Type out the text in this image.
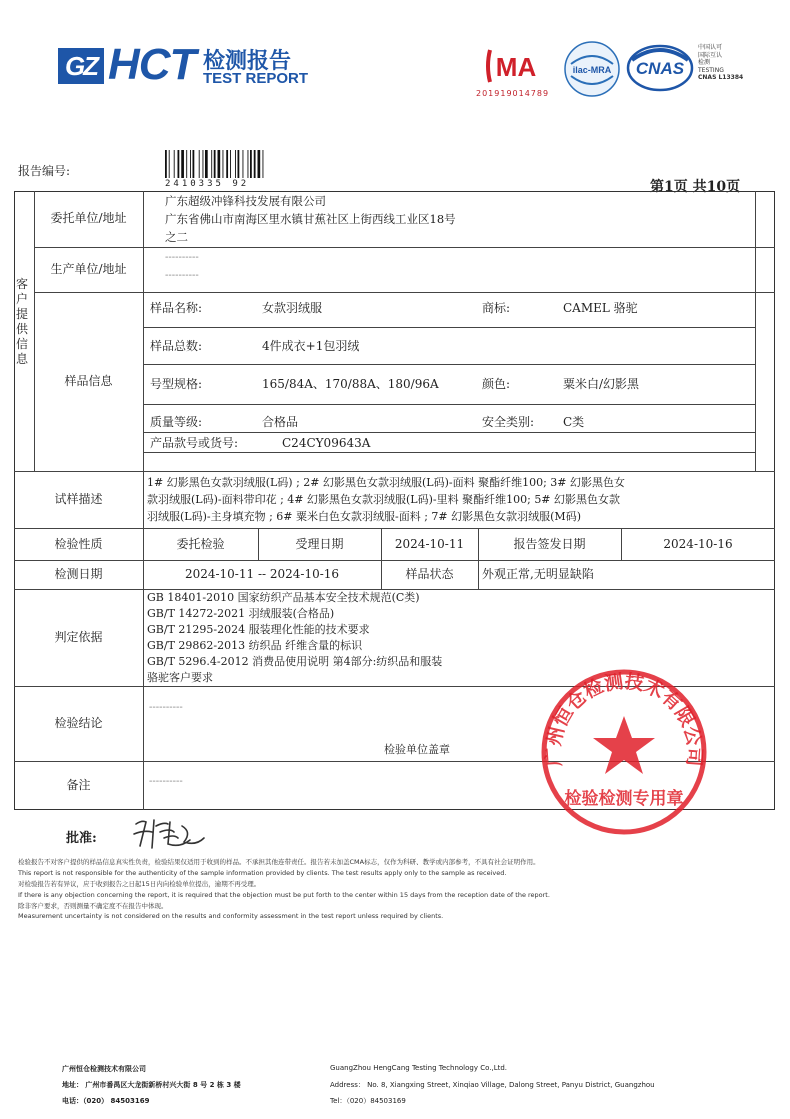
GZ HCT 检测报告
TEST REPORT	MA
201919014789
ilac-MRA CNAS
中国认可
国际互认
检测
TESTING
CNAS L13384
报告编号:
2410335 92	第1页 共10页
客
户
提
供
信
息
委托单位/地址
广东超级冲锋科技发展有限公司
广东省佛山市南海区里水镇甘蕉社区上街西线工业区18号
之二
生产单位/地址
----------
----------
样品信息
样品名称:	女款羽绒服	商标:	CAMEL 骆驼
样品总数:	4件成衣+1包羽绒
号型规格:	165/84A、170/88A、180/96A	颜色:	粟米白/幻影黑
质量等级:	合格品	安全类别: C类
产品款号或货号:	C24CY09643A
试样描述
1# 幻影黑色女款羽绒服(L码) ; 2# 幻影黑色女款羽绒服(L码)-面料 聚酯纤维100; 3# 幻影黑色女
款羽绒服(L码)-面料带印花 ; 4# 幻影黑色女款羽绒服(L码)-里料 聚酯纤维100; 5# 幻影黑色女款
羽绒服(L码)-主身填充物 ; 6# 粟米白色女款羽绒服-面料 ; 7# 幻影黑色女款羽绒服(M码)
检验性质	委托检验	受理日期	2024-10-11	报告签发日期	2024-10-16
检测日期	2024-10-11 -- 2024-10-16	样品状态	外观正常,无明显缺陷
判定依据
GB 18401-2010 国家纺织产品基本安全技术规范(C类)
GB/T 14272-2021 羽绒服装(合格品)
GB/T 21295-2024 服装理化性能的技术要求
GB/T 29862-2013 纺织品 纤维含量的标识
GB/T 5296.4-2012 消费品使用说明 第4部分:纺织品和服装
骆驼客户要求
检验结论
----------
检验单位盖章
备注	----------
广州恒仓检测技术有限公司
检验检测专用章
批准:
检验报告不对客户提供的样品信息真实性负责，检验结果仅适用于收到的样品。不承担其他连带责任。报告若未加盖CMA标志，仅作为科研、教学或内部参考，不具有社会证明作用。
This report is not responsible for the authenticity of the sample information provided by clients. The test results apply only to the sample as received.
对检验报告若有异议，应于收到报告之日起15日内向检验单位提出，逾期不再受理。
If there is any objection concerning the report, it is required that the objection must be put forth to the center within 15 days from the reception date of the report.
除非客户要求，否则测量不确定度不在报告中体现。
Measurement uncertainty is not considered on the results and conformity assessment in the test report unless required by clients.
广州恒仓检测技术有限公司
地址： 广州市番禺区大龙街新桥村兴大街 8 号 2 栋 3 楼
电话：（020） 84503169
GuangZhou HengCang Testing Technology Co.,Ltd.
Address： No. 8, Xiangxing Street, Xinqiao Village, Dalong Street, Panyu District, Guangzhou
Tel：（020）84503169
